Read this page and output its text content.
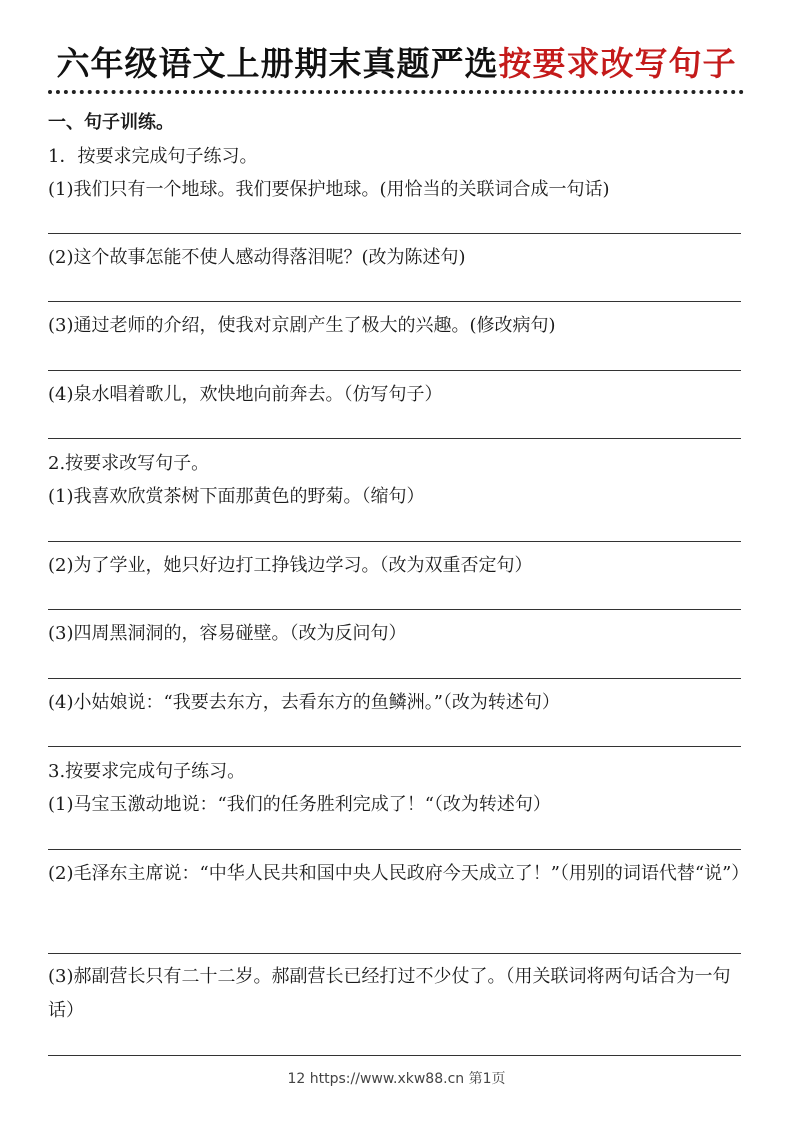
六年级语文上册期末真题严选按要求改写句子
一、句子训练。
1．按要求完成句子练习。
(1)我们只有一个地球。我们要保护地球。(用恰当的关联词合成一句话)
(2)这个故事怎能不使人感动得落泪呢？(改为陈述句)
(3)通过老师的介绍，使我对京剧产生了极大的兴趣。(修改病句)
(4)泉水唱着歌儿，欢快地向前奔去。（仿写句子）
2.按要求改写句子。
(1)我喜欢欣赏茶树下面那黄色的野菊。（缩句）
(2)为了学业，她只好边打工挣钱边学习。（改为双重否定句）
(3)四周黑洞洞的，容易碰壁。（改为反问句）
(4)小姑娘说：“我要去东方，去看东方的鱼鳞洲。”（改为转述句）
3.按要求完成句子练习。
(1)马宝玉激动地说：“我们的任务胜利完成了！“（改为转述句）
(2)毛泽东主席说：“中华人民共和国中央人民政府今天成立了！”（用别的词语代替“说”）
(3)郝副营长只有二十二岁。郝副营长已经打过不少仗了。（用关联词将两句话合为一句话）
12 https://www.xkw88.cn 第1页
